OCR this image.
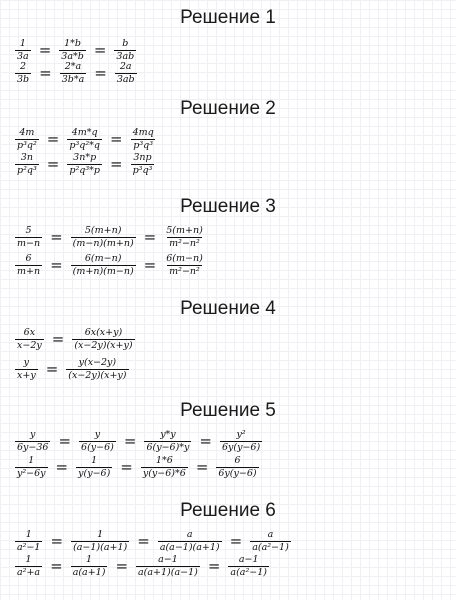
Решение 1
$\frac{1}{3a} = \frac{1*b}{3a*b} = \frac{b}{3ab}$
$\frac{2}{3b} = \frac{2*a}{3b*a} = \frac{2a}{3ab}$
Решение 2
$\frac{4m}{\text{p³q²}} = \frac{4m*q}{\text{p³q²*q}} = \frac{4mq}{\text{p³q³}}$
$\frac{3n}{\text{p²q³}} = \frac{3n*p}{\text{p²q³*p}} = \frac{3np}{\text{p³q³}}$
Решение 3
$\frac{5}{m-n} = \frac{5(m+n)}{(m-n)(m+n)} = \frac{5(m+n)}{\text{m²−n²}}$
$\frac{6}{m+n} = \frac{6(m-n)}{(m+n)(m-n)} = \frac{6(m-n)}{\text{m²−n²}}$
Решение 4
$\frac{6x}{x-2y} = \frac{6x(x+y)}{(x-2y)(x+y)}$
$\frac{y}{x+y} = \frac{y(x-2y)}{(x-2y)(x+y)}$
Решение 5
$\frac{y}{6y-36} = \frac{y}{6(y-6)} = \frac{y*y}{6(y-6)*y} = \frac{\text{y²}}{6y(y-6)}$
$\frac{1}{\text{y²−6y}} = \frac{1}{y(y-6)} = \frac{1*6}{y(y-6)*6} = \frac{6}{6y(y-6)}$
Решение 6
$\frac{1}{\text{a²−1}} = \frac{1}{(a-1)(a+1)} = \frac{a}{a(a-1)(a+1)} = \frac{a}{\text{a(a²−1)}}$
$\frac{1}{\text{a²+a}} = \frac{1}{a(a+1)} = \frac{a-1}{a(a+1)(a-1)} = \frac{a-1}{\text{a(a²−1)}}$
